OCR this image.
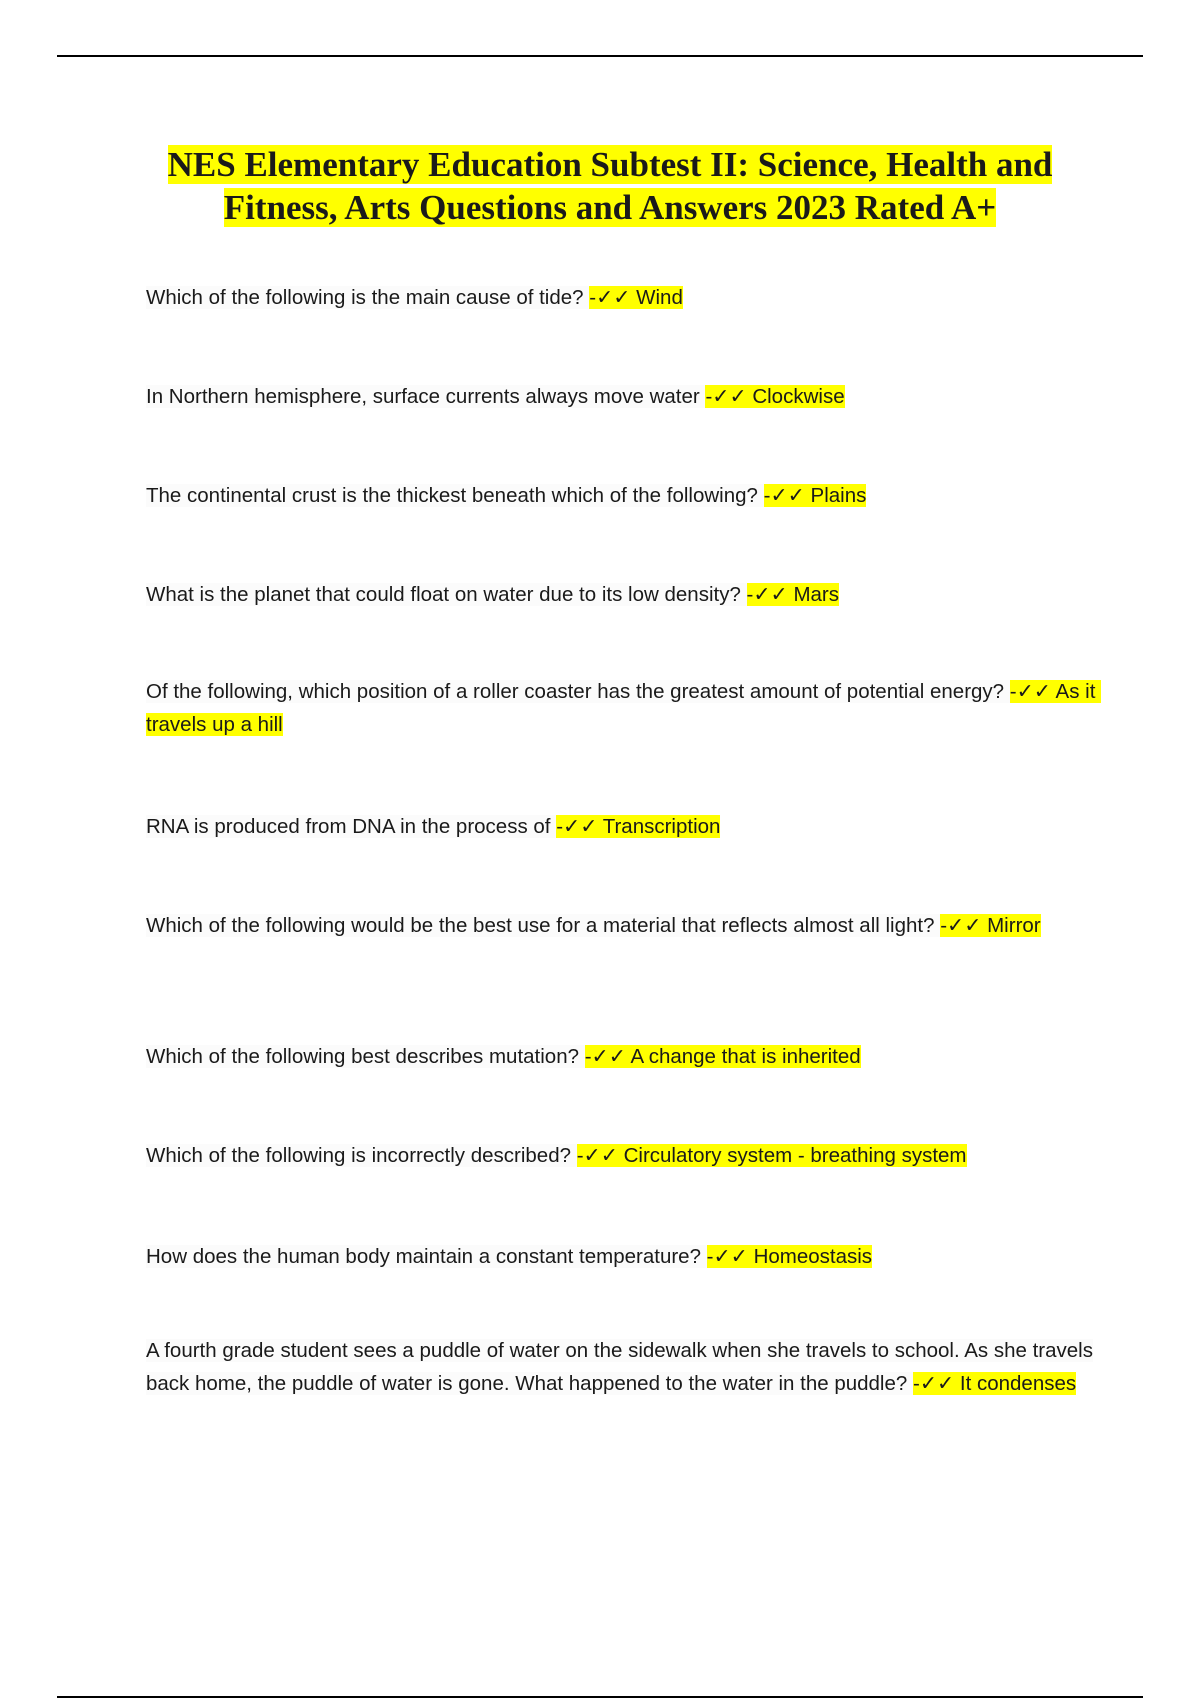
NES Elementary Education Subtest II: Science, Health and Fitness, Arts Questions and Answers 2023 Rated A+

Which of the following is the main cause of tide? -✓✓ Wind

In Northern hemisphere, surface currents always move water -✓✓ Clockwise

The continental crust is the thickest beneath which of the following? -✓✓ Plains

What is the planet that could float on water due to its low density? -✓✓ Mars

Of the following, which position of a roller coaster has the greatest amount of potential energy? -✓✓ As it travels up a hill

RNA is produced from DNA in the process of -✓✓ Transcription

Which of the following would be the best use for a material that reflects almost all light? -✓✓ Mirror

Which of the following best describes mutation? -✓✓ A change that is inherited

Which of the following is incorrectly described? -✓✓ Circulatory system - breathing system

How does the human body maintain a constant temperature? -✓✓ Homeostasis

A fourth grade student sees a puddle of water on the sidewalk when she travels to school. As she travels back home, the puddle of water is gone. What happened to the water in the puddle? -✓✓ It condenses
